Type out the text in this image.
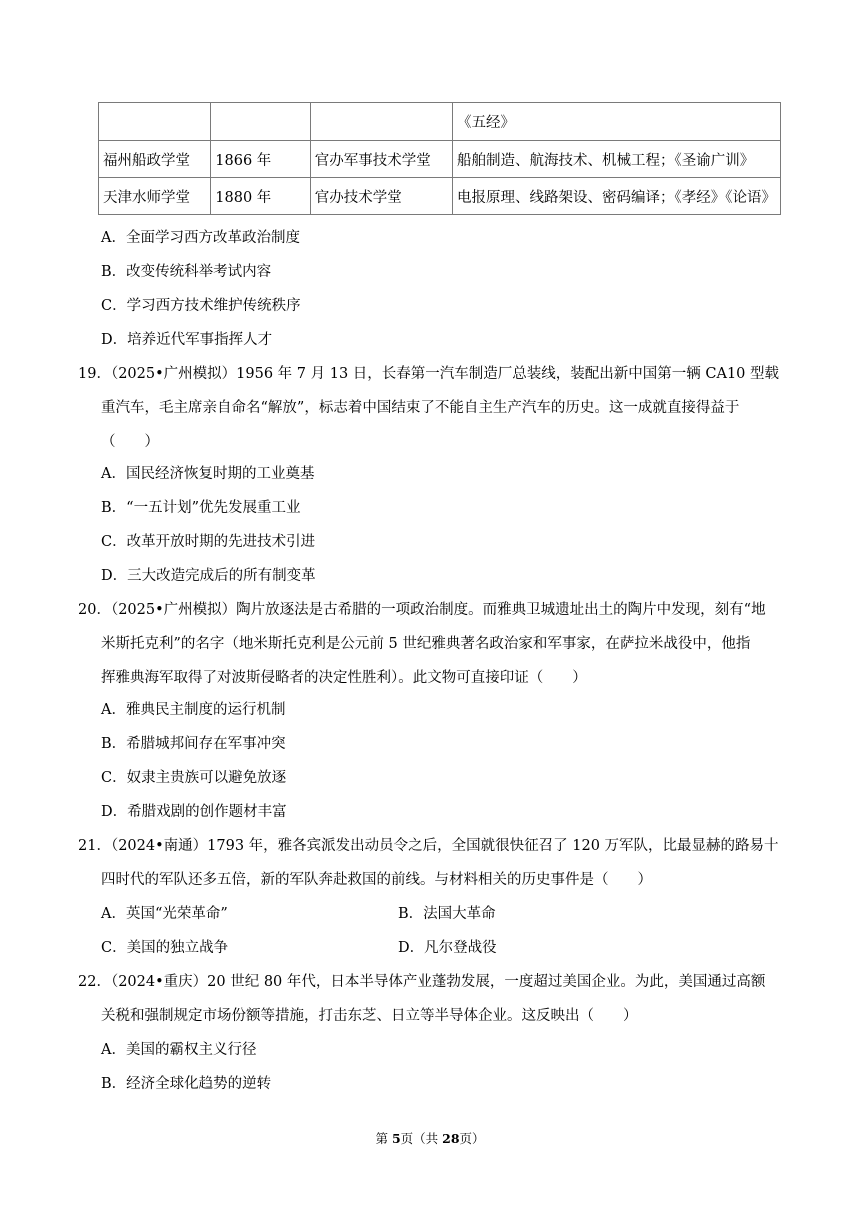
			《五经》
福州船政学堂	1866 年	官办军事技术学堂	船舶制造、航海技术、机械工程；《圣谕广训》
天津水师学堂	1880 年	官办技术学堂	电报原理、线路架设、密码编译；《孝经》《论语》
A．全面学习西方改革政治制度
B．改变传统科举考试内容
C．学习西方技术维护传统秩序
D．培养近代军事指挥人才
19．（2025•广州模拟）1956 年 7 月 13 日，长春第一汽车制造厂总装线，装配出新中国第一辆 CA10 型载
重汽车，毛主席亲自命名“解放”，标志着中国结束了不能自主生产汽车的历史。这一成就直接得益于
（　　）
A．国民经济恢复时期的工业奠基
B．“一五计划”优先发展重工业
C．改革开放时期的先进技术引进
D．三大改造完成后的所有制变革
20．（2025•广州模拟）陶片放逐法是古希腊的一项政治制度。而雅典卫城遗址出土的陶片中发现，刻有“地
米斯托克利”的名字（地米斯托克利是公元前 5 世纪雅典著名政治家和军事家，在萨拉米战役中，他指
挥雅典海军取得了对波斯侵略者的决定性胜利）。此文物可直接印证（　　）
A．雅典民主制度的运行机制
B．希腊城邦间存在军事冲突
C．奴隶主贵族可以避免放逐
D．希腊戏剧的创作题材丰富
21．（2024•南通）1793 年，雅各宾派发出动员令之后，全国就很快征召了 120 万军队，比最显赫的路易十
四时代的军队还多五倍，新的军队奔赴救国的前线。与材料相关的历史事件是（　　）
A．英国“光荣革命”	B．法国大革命
C．美国的独立战争	D．凡尔登战役
22．（2024•重庆）20 世纪 80 年代，日本半导体产业蓬勃发展，一度超过美国企业。为此，美国通过高额
关税和强制规定市场份额等措施，打击东芝、日立等半导体企业。这反映出（　　）
A．美国的霸权主义行径
B．经济全球化趋势的逆转
第 5页（共 28页）
